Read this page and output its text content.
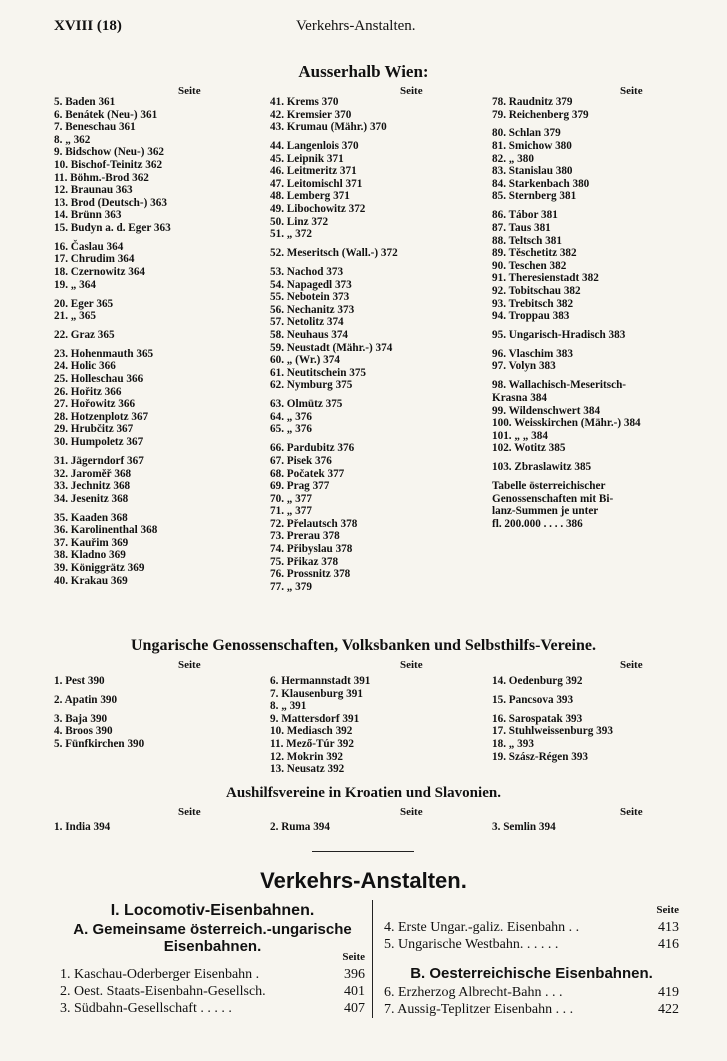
XVIII (18)	Verkehrs-Anstalten.
Ausserhalb Wien:
Seite	Seite	Seite
5. Baden 361
6. Benátek (Neu-) 361
7. Beneschau 361
8. „ 362
9. Bidschow (Neu-) 362
10. Bischof-Teinitz 362
11. Böhm.-Brod 362
12. Braunau 363
13. Brod (Deutsch-) 363
14. Brünn 363
15. Budyn a. d. Eger 363
16. Časlau 364
17. Chrudim 364
18. Czernowitz 364
19. „ 364
20. Eger 365
21. „ 365
22. Graz 365
23. Hohenmauth 365
24. Holic 366
25. Holleschau 366
26. Hořitz 366
27. Hořowitz 366
28. Hotzenplotz 367
29. Hrubčitz 367
30. Humpoletz 367
31. Jägerndorf 367
32. Jaroměř 368
33. Jechnitz 368
34. Jesenitz 368
35. Kaaden 368
36. Karolinenthal 368
37. Kauřim 369
38. Kladno 369
39. Königgrätz 369
40. Krakau 369
41. Krems 370
42. Kremsier 370
43. Krumau (Mähr.) 370
44. Langenlois 370
45. Leipnik 371
46. Leitmeritz 371
47. Leitomischl 371
48. Lemberg 371
49. Libochowitz 372
50. Linz 372
51. „ 372
52. Meseritsch (Wall.-) 372
53. Nachod 373
54. Napagedl 373
55. Nebotein 373
56. Nechanitz 373
57. Netolitz 374
58. Neuhaus 374
59. Neustadt (Mähr.-) 374
60. „ (Wr.) 374
61. Neutitschein 375
62. Nymburg 375
63. Olmütz 375
64. „ 376
65. „ 376
66. Pardubitz 376
67. Pisek 376
68. Počatek 377
69. Prag 377
70. „ 377
71. „ 377
72. Přelautsch 378
73. Prerau 378
74. Přibyslau 378
75. Přikaz 378
76. Prossnitz 378
77. „ 379
78. Raudnitz 379
79. Reichenberg 379
80. Schlan 379
81. Smichow 380
82. „ 380
83. Stanislau 380
84. Starkenbach 380
85. Sternberg 381
86. Tábor 381
87. Taus 381
88. Teltsch 381
89. Těschetitz 382
90. Teschen 382
91. Theresienstadt 382
92. Tobitschau 382
93. Trebitsch 382
94. Troppau 383
95. Ungarisch-Hradisch 383
96. Vlaschim 383
97. Volyn 383
98. Wallachisch-Meseritsch-
Krasna 384
99. Wildenschwert 384
100. Weisskirchen (Mähr.-) 384
101. „ „ 384
102. Wotitz 385
103. Zbraslawitz 385
Tabelle österreichischer
Genossenschaften mit Bi-
lanz-Summen je unter
fl. 200.000 . . . . 386
Ungarische Genossenschaften, Volksbanken und Selbsthilfs-Vereine.
Seite	Seite	Seite
1. Pest 390
2. Apatin 390
3. Baja 390
4. Broos 390
5. Fünfkirchen 390
6. Hermannstadt 391
7. Klausenburg 391
8. „ 391
9. Mattersdorf 391
10. Mediasch 392
11. Mező-Túr 392
12. Mokrin 392
13. Neusatz 392
14. Oedenburg 392
15. Pancsova 393
16. Sarospatak 393
17. Stuhlweissenburg 393
18. „ 393
19. Szász-Régen 393
Aushilfsvereine in Kroatien und Slavonien.
Seite	Seite	Seite
1. India 394	2. Ruma 394	3. Semlin 394
Verkehrs-Anstalten.
I. Locomotiv-Eisenbahnen.
A. Gemeinsame österreich.-ungarische
Eisenbahnen.
Seite
1. Kaschau-Oderberger Eisenbahn .	396
2. Oest. Staats-Eisenbahn-Gesellsch.	401
3. Südbahn-Gesellschaft . . . . .	407
Seite
4. Erste Ungar.-galiz. Eisenbahn . .	413
5. Ungarische Westbahn. . . . . .	416
B. Oesterreichische Eisenbahnen.
6. Erzherzog Albrecht-Bahn . . .	419
7. Aussig-Teplitzer Eisenbahn . . .	422
